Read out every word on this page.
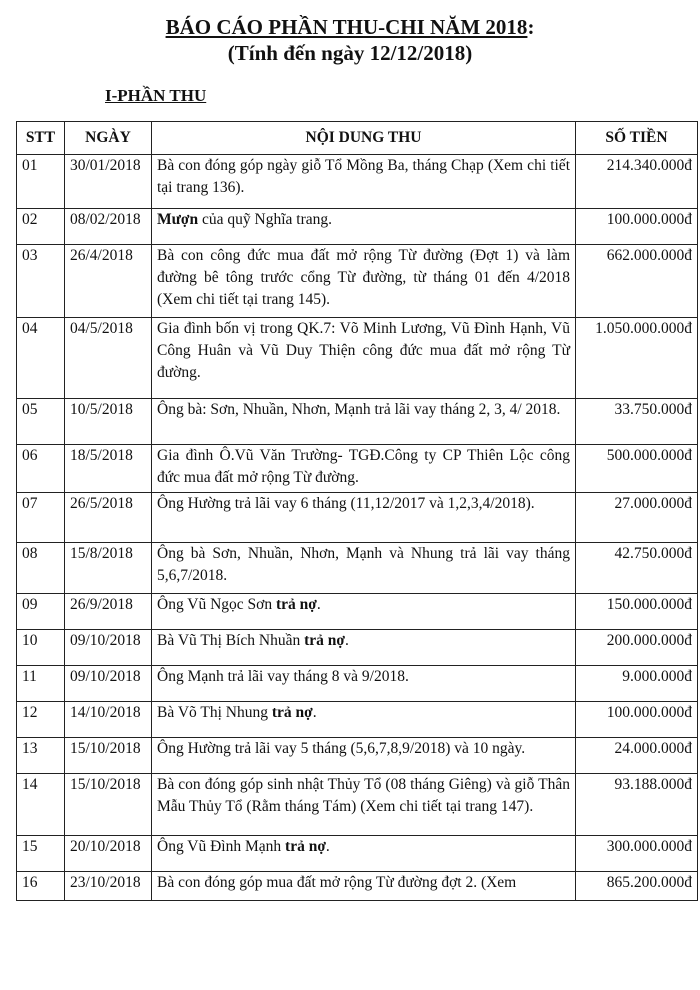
BÁO CÁO PHẦN THU-CHI NĂM 2018:
(Tính đến ngày 12/12/2018)
I-PHẦN THU
STT	NGÀY	NỘI DUNG THU	SỐ TIỀN
01	30/01/2018	Bà con đóng góp ngày giỗ Tổ Mồng Ba, tháng Chạp (Xem chi tiết tại trang 136).	214.340.000đ
02	08/02/2018	Mượn của quỹ Nghĩa trang.	100.000.000đ
03	26/4/2018	Bà con công đức mua đất mở rộng Từ đường (Đợt 1) và làm đường bê tông trước cổng Từ đường, từ tháng 01 đến 4/2018 (Xem chi tiết tại trang 145).	662.000.000đ
04	04/5/2018	Gia đình bốn vị trong QK.7: Võ Minh Lương, Vũ Đình Hạnh, Vũ Công Huân và Vũ Duy Thiện công đức mua đất mở rộng Từ đường.	1.050.000.000đ
05	10/5/2018	Ông bà: Sơn, Nhuần, Nhơn, Mạnh trả lãi vay tháng 2, 3, 4/ 2018.	33.750.000đ
06	18/5/2018	Gia đình Ô.Vũ Văn Trường- TGĐ.Công ty CP Thiên Lộc công đức mua đất mở rộng Từ đường.	500.000.000đ
07	26/5/2018	Ông Hường trả lãi vay 6 tháng (11,12/2017 và 1,2,3,4/2018).	27.000.000đ
08	15/8/2018	Ông bà Sơn, Nhuần, Nhơn, Mạnh và Nhung trả lãi vay tháng 5,6,7/2018.	42.750.000đ
09	26/9/2018	Ông Vũ Ngọc Sơn trả nợ.	150.000.000đ
10	09/10/2018	Bà Vũ Thị Bích Nhuần trả nợ.	200.000.000đ
11	09/10/2018	Ông Mạnh trả lãi vay tháng 8 và 9/2018.	9.000.000đ
12	14/10/2018	Bà Võ Thị Nhung trả nợ.	100.000.000đ
13	15/10/2018	Ông Hường trả lãi vay 5 tháng (5,6,7,8,9/2018) và 10 ngày.	24.000.000đ
14	15/10/2018	Bà con đóng góp sinh nhật Thủy Tổ (08 tháng Giêng) và giỗ Thân Mẫu Thủy Tổ (Rằm tháng Tám) (Xem chi tiết tại trang 147).	93.188.000đ
15	20/10/2018	Ông Vũ Đình Mạnh trả nợ.	300.000.000đ
16	23/10/2018	Bà con đóng góp mua đất mở rộng Từ đường đợt 2. (Xem	865.200.000đ
